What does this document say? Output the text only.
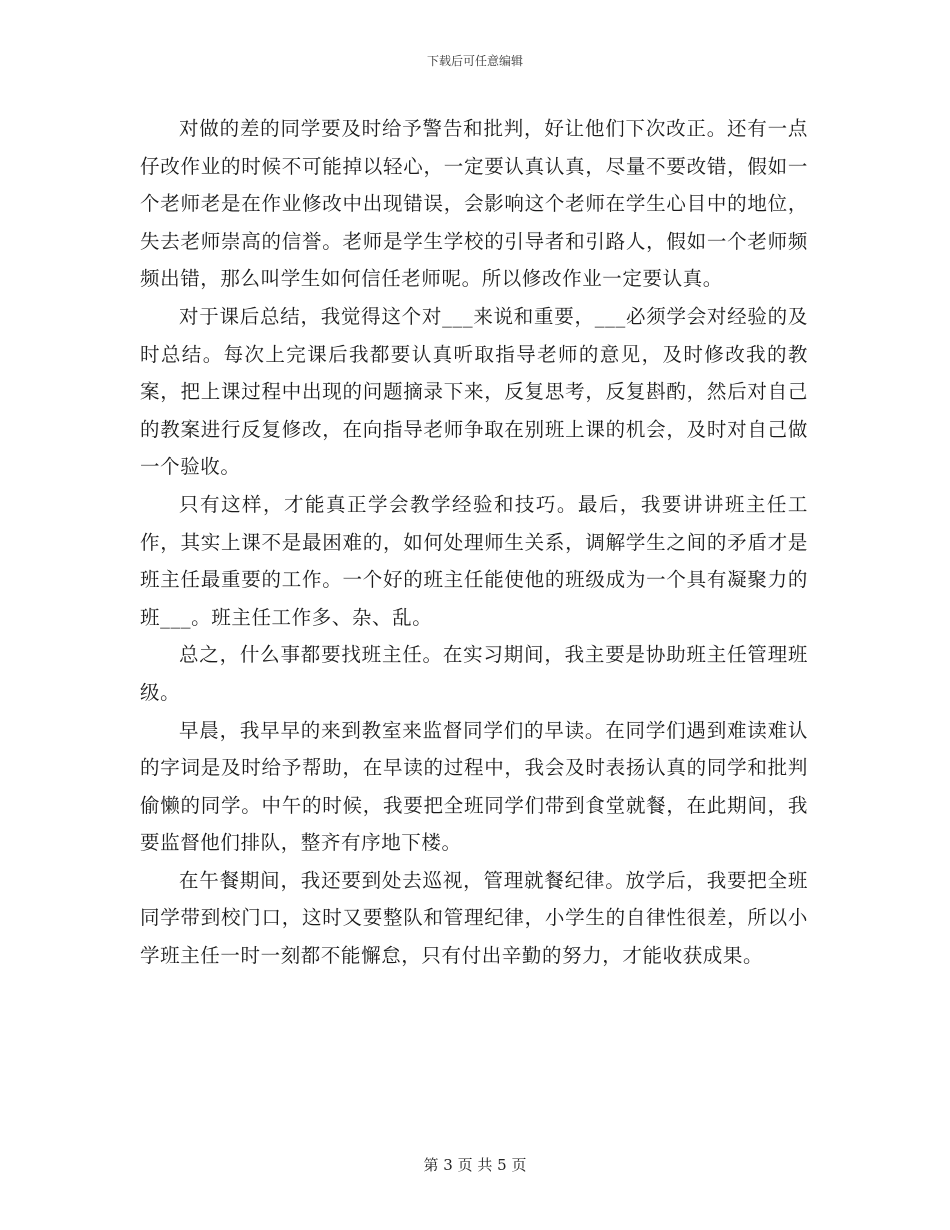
下载后可任意编辑

对做的差的同学要及时给予警告和批判，好让他们下次改正。还有一点仔改作业的时候不可能掉以轻心，一定要认真认真，尽量不要改错，假如一个老师老是在作业修改中出现错误，会影响这个老师在学生心目中的地位，失去老师崇高的信誉。老师是学生学校的引导者和引路人，假如一个老师频频出错，那么叫学生如何信任老师呢。所以修改作业一定要认真。

对于课后总结，我觉得这个对___来说和重要，___必须学会对经验的及时总结。每次上完课后我都要认真听取指导老师的意见，及时修改我的教案，把上课过程中出现的问题摘录下来，反复思考，反复斟酌，然后对自己的教案进行反复修改，在向指导老师争取在别班上课的机会，及时对自己做一个验收。

只有这样，才能真正学会教学经验和技巧。最后，我要讲讲班主任工作，其实上课不是最困难的，如何处理师生关系，调解学生之间的矛盾才是班主任最重要的工作。一个好的班主任能使他的班级成为一个具有凝聚力的班___。班主任工作多、杂、乱。

总之，什么事都要找班主任。在实习期间，我主要是协助班主任管理班级。

早晨，我早早的来到教室来监督同学们的早读。在同学们遇到难读难认的字词是及时给予帮助，在早读的过程中，我会及时表扬认真的同学和批判偷懒的同学。中午的时候，我要把全班同学们带到食堂就餐，在此期间，我要监督他们排队，整齐有序地下楼。

在午餐期间，我还要到处去巡视，管理就餐纪律。放学后，我要把全班同学带到校门口，这时又要整队和管理纪律，小学生的自律性很差，所以小学班主任一时一刻都不能懈怠，只有付出辛勤的努力，才能收获成果。

第 3 页 共 5 页
